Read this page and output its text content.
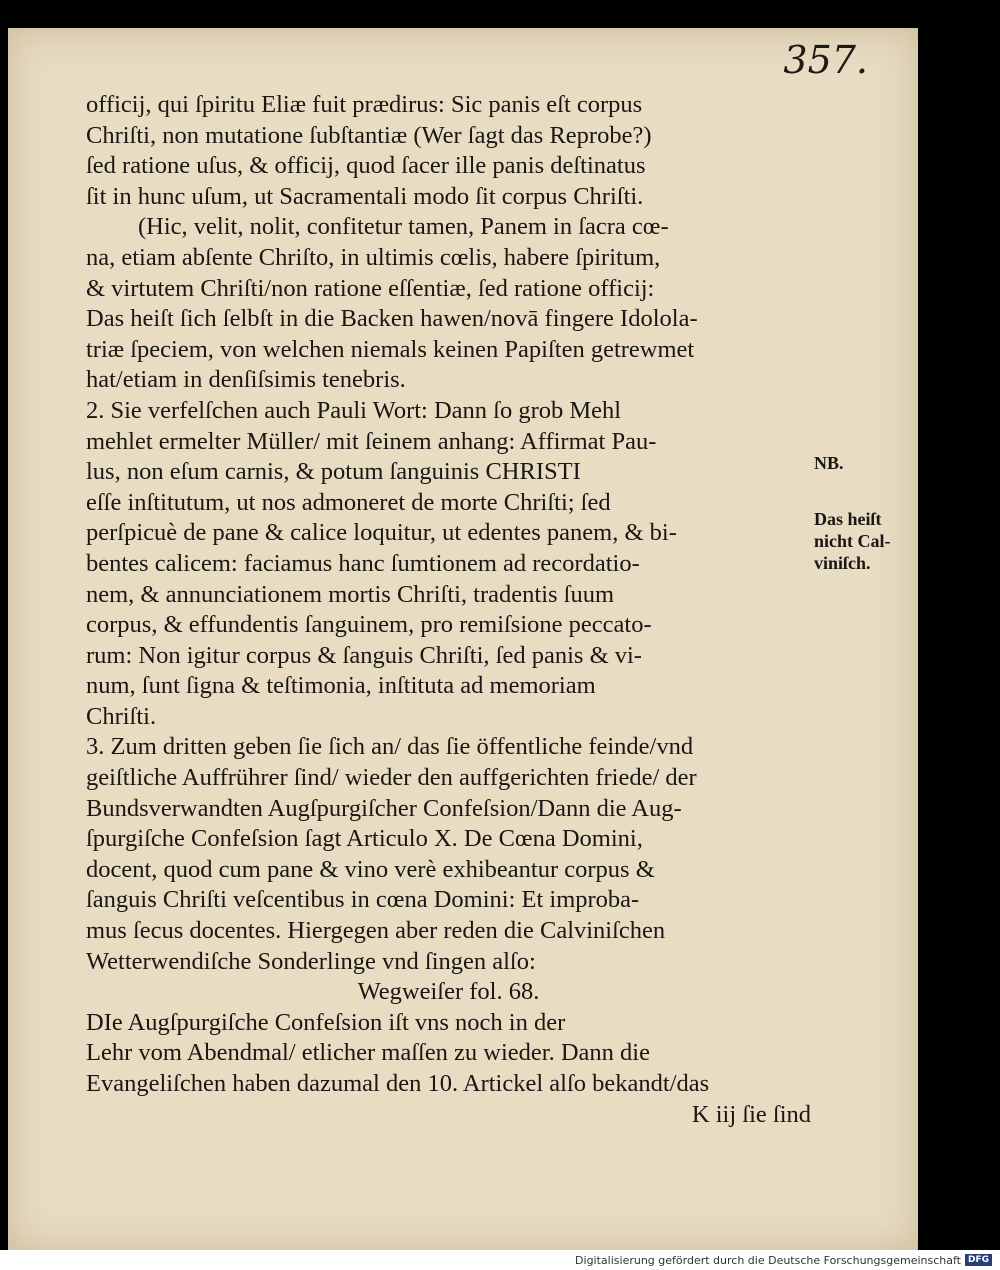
357.
officij, qui ſpiritu Eliæ fuit prædirus: Sic panis eſt corpus
Chriſti, non mutatione ſubſtantiæ (Wer ſagt das Reprobe?)
ſed ratione uſus, & officij, quod ſacer ille panis deſtinatus
ſit in hunc uſum, ut Sacramentali modo ſit corpus Chriſti.
(Hic, velit, nolit, confitetur tamen, Panem in ſacra cœ-
na, etiam abſente Chriſto, in ultimis cœlis, habere ſpiritum,
& virtutem Chriſti/non ratione eſſentiæ, ſed ratione officij:
Das heiſt ſich ſelbſt in die Backen hawen/novā fingere Idolola-
triæ ſpeciem, von welchen niemals keinen Papiſten getrewmet
hat/etiam in denſiſsimis tenebris.
2. Sie verfelſchen auch Pauli Wort: Dann ſo grob Mehl
mehlet ermelter Müller/ mit ſeinem anhang: Affirmat Pau-
lus, non eſum carnis, & potum ſanguinis CHRISTI
eſſe inſtitutum, ut nos admoneret de morte Chriſti; ſed
perſpicuè de pane & calice loquitur, ut edentes panem, & bi-
bentes calicem: faciamus hanc ſumtionem ad recordatio-
nem, & annunciationem mortis Chriſti, tradentis ſuum
corpus, & effundentis ſanguinem, pro remiſsione peccato-
rum: Non igitur corpus & ſanguis Chriſti, ſed panis & vi-
num, ſunt ſigna & teſtimonia, inſtituta ad memoriam
Chriſti.
3. Zum dritten geben ſie ſich an/ das ſie öffentliche feinde/vnd
geiſtliche Auffrührer ſind/ wieder den auffgerichten friede/ der
Bundsverwandten Augſpurgiſcher Confeſsion/Dann die Aug-
ſpurgiſche Confeſsion ſagt Articulo X. De Cœna Domini,
docent, quod cum pane & vino verè exhibeantur corpus &
ſanguis Chriſti veſcentibus in cœna Domini: Et improba-
mus ſecus docentes. Hiergegen aber reden die Calviniſchen
Wetterwendiſche Sonderlinge vnd ſingen alſo:
Wegweiſer fol. 68.
DIe Augſpurgiſche Confeſsion iſt vns noch in der
Lehr vom Abendmal/ etlicher maſſen zu wieder. Dann die
Evangeliſchen haben dazumal den 10. Artickel alſo bekandt/das
K iij ſie ſind
NB.
Das heiſt
nicht Cal-
viniſch.
Digitalisierung gefördert durch die Deutsche Forschungsgemeinschaft DFG
